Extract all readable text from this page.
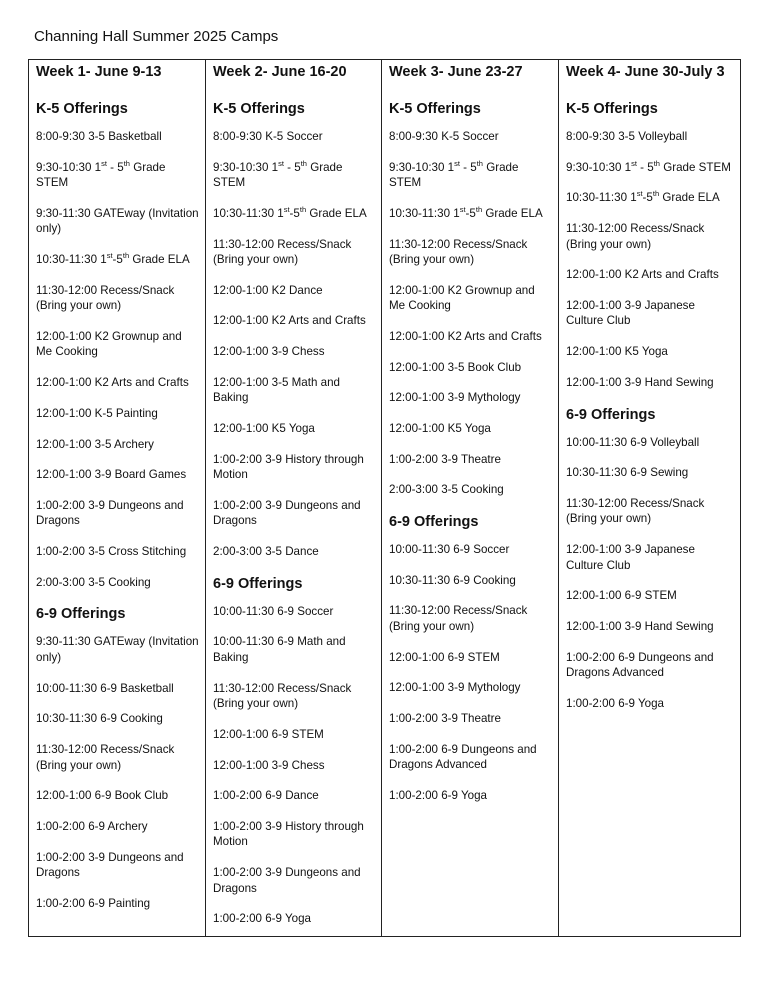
Channing Hall Summer 2025 Camps
Week 1- June 9-13
K-5 Offerings
8:00-9:30 3-5 Basketball
9:30-10:30 1st - 5th Grade STEM
9:30-11:30 GATEway (Invitation only)
10:30-11:30 1st-5th Grade ELA
11:30-12:00 Recess/Snack (Bring your own)
12:00-1:00 K2 Grownup and Me Cooking
12:00-1:00 K2 Arts and Crafts
12:00-1:00 K-5 Painting
12:00-1:00 3-5 Archery
12:00-1:00 3-9 Board Games
1:00-2:00 3-9 Dungeons and Dragons
1:00-2:00 3-5 Cross Stitching
2:00-3:00 3-5 Cooking
6-9 Offerings
9:30-11:30 GATEway (Invitation only)
10:00-11:30 6-9 Basketball
10:30-11:30 6-9 Cooking
11:30-12:00 Recess/Snack (Bring your own)
12:00-1:00 6-9 Book Club
1:00-2:00 6-9 Archery
1:00-2:00 3-9 Dungeons and Dragons
1:00-2:00 6-9 Painting
Week 2- June 16-20
K-5 Offerings
8:00-9:30 K-5 Soccer
9:30-10:30 1st - 5th Grade STEM
10:30-11:30 1st-5th Grade ELA
11:30-12:00 Recess/Snack (Bring your own)
12:00-1:00 K2 Dance
12:00-1:00 K2 Arts and Crafts
12:00-1:00 3-9 Chess
12:00-1:00 3-5 Math and Baking
12:00-1:00 K5 Yoga
1:00-2:00 3-9 History through Motion
1:00-2:00 3-9 Dungeons and Dragons
2:00-3:00 3-5 Dance
6-9 Offerings
10:00-11:30 6-9 Soccer
10:00-11:30 6-9 Math and Baking
11:30-12:00 Recess/Snack (Bring your own)
12:00-1:00 6-9 STEM
12:00-1:00 3-9 Chess
1:00-2:00 6-9 Dance
1:00-2:00 3-9 History through Motion
1:00-2:00 3-9 Dungeons and Dragons
1:00-2:00 6-9 Yoga
Week 3- June 23-27
K-5 Offerings
8:00-9:30 K-5 Soccer
9:30-10:30 1st - 5th Grade STEM
10:30-11:30 1st-5th Grade ELA
11:30-12:00 Recess/Snack (Bring your own)
12:00-1:00 K2 Grownup and Me Cooking
12:00-1:00 K2 Arts and Crafts
12:00-1:00 3-5 Book Club
12:00-1:00 3-9 Mythology
12:00-1:00 K5 Yoga
1:00-2:00 3-9 Theatre
2:00-3:00 3-5 Cooking
6-9 Offerings
10:00-11:30 6-9 Soccer
10:30-11:30 6-9 Cooking
11:30-12:00 Recess/Snack (Bring your own)
12:00-1:00 6-9 STEM
12:00-1:00 3-9 Mythology
1:00-2:00 3-9 Theatre
1:00-2:00 6-9 Dungeons and Dragons Advanced
1:00-2:00 6-9 Yoga
Week 4- June 30-July 3
K-5 Offerings
8:00-9:30 3-5 Volleyball
9:30-10:30 1st - 5th Grade STEM
10:30-11:30 1st-5th Grade ELA
11:30-12:00 Recess/Snack (Bring your own)
12:00-1:00 K2 Arts and Crafts
12:00-1:00 3-9 Japanese Culture Club
12:00-1:00 K5 Yoga
12:00-1:00 3-9 Hand Sewing
6-9 Offerings
10:00-11:30 6-9 Volleyball
10:30-11:30 6-9 Sewing
11:30-12:00 Recess/Snack (Bring your own)
12:00-1:00 3-9 Japanese Culture Club
12:00-1:00 6-9 STEM
12:00-1:00 3-9 Hand Sewing
1:00-2:00 6-9 Dungeons and Dragons Advanced
1:00-2:00 6-9 Yoga
